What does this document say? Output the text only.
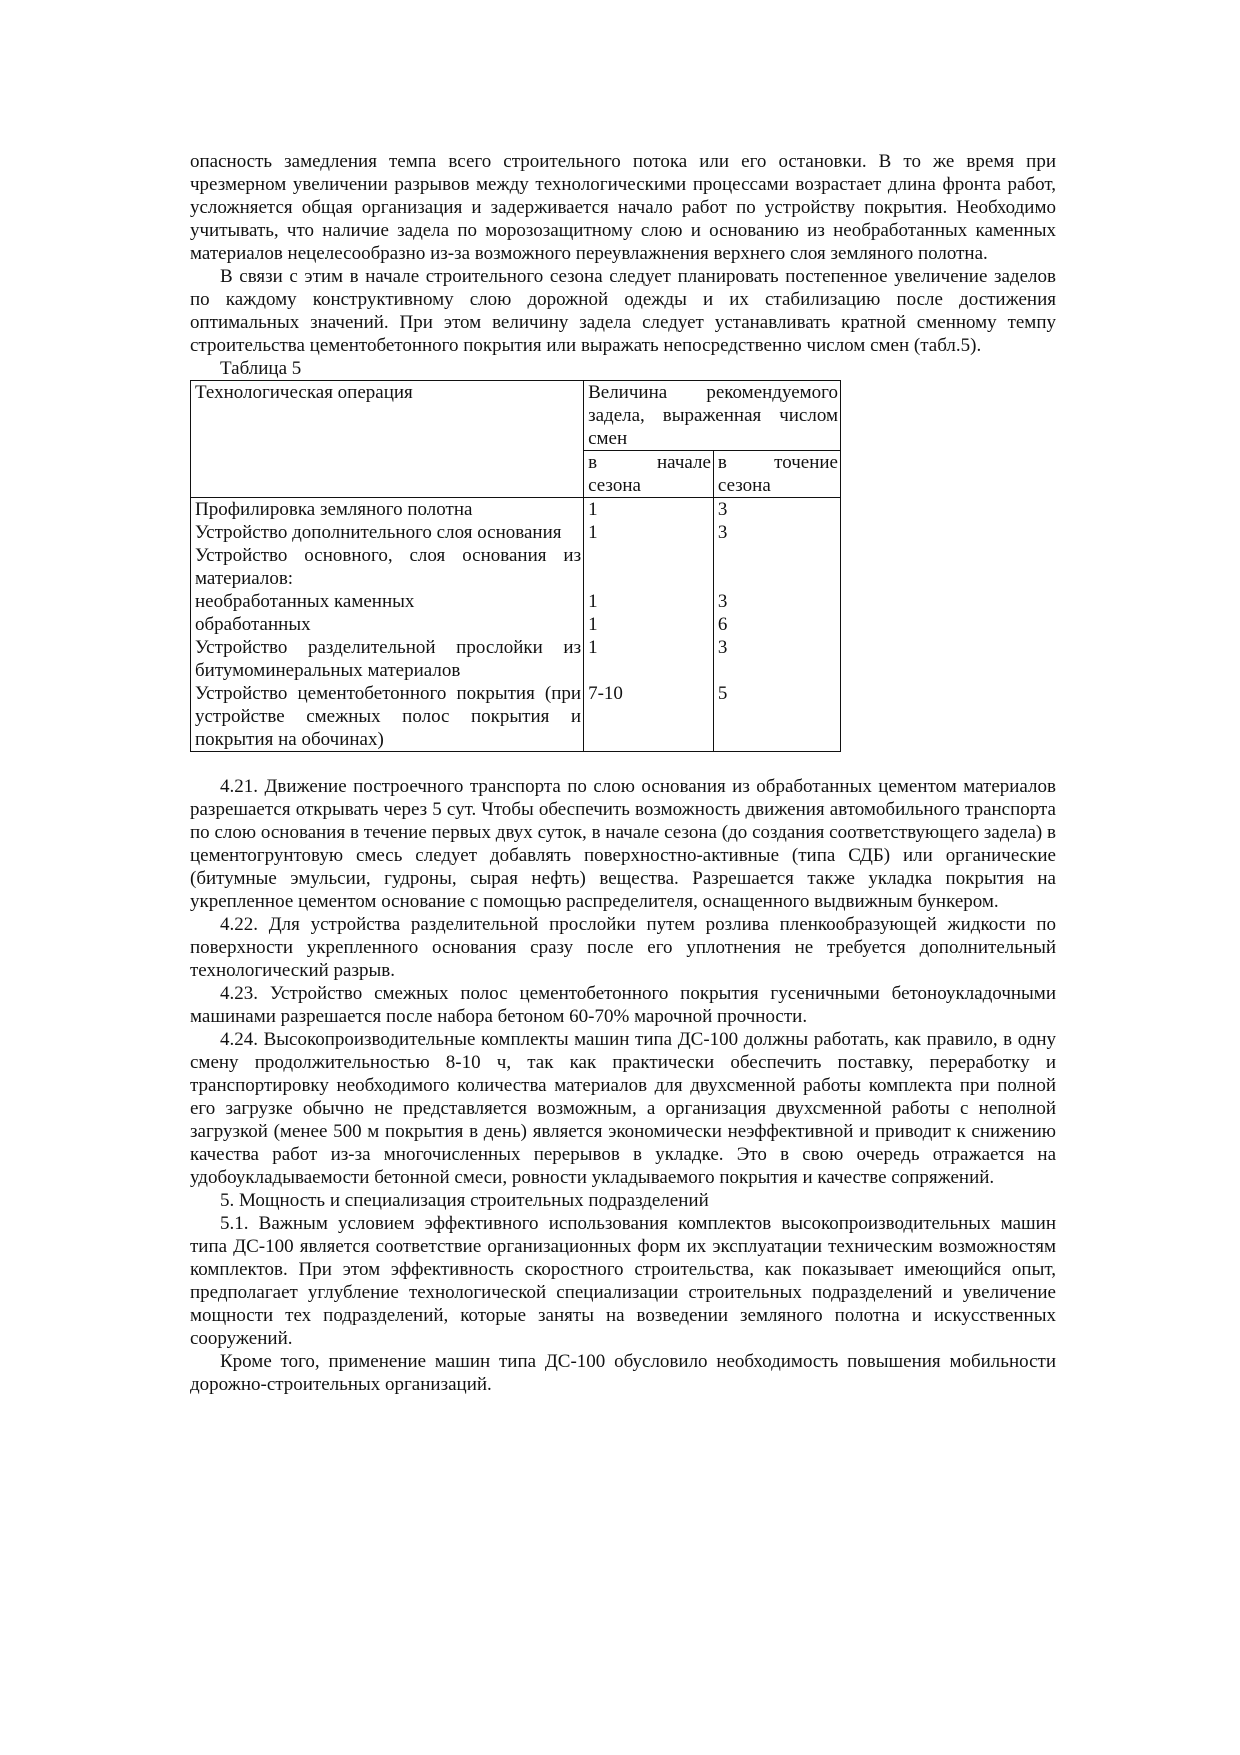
опасность замедления темпа всего строительного потока или его остановки. В то же время при чрезмерном увеличении разрывов между технологическими процессами возрастает длина фронта работ, усложняется общая организация и задерживается начало работ по устройству покрытия. Необходимо учитывать, что наличие задела по морозозащитному слою и основанию из необработанных каменных материалов нецелесообразно из-за возможного переувлажнения верхнего слоя земляного полотна.

В связи с этим в начале строительного сезона следует планировать постепенное увеличение заделов по каждому конструктивному слою дорожной одежды и их стабилизацию после достижения оптимальных значений. При этом величину задела следует устанавливать кратной сменному темпу строительства цементобетонного покрытия или выражать непосредственно числом смен (табл.5).

Таблица 5

Технологическая операция	Величина рекомендуемого задела, выраженная числом смен	
	в начале сезона	в точение сезона
Профилировка земляного полотна	1	3
Устройство дополнительного слоя основания	1	3
Устройство основного, слоя основания из материалов:		
необработанных каменных	1	3
обработанных	1	6
Устройство разделительной прослойки из битумоминеральных материалов	1	3
Устройство цементобетонного покрытия (при устройстве смежных полос покрытия и покрытия на обочинах)	7-10	5

4.21. Движение построечного транспорта по слою основания из обработанных цементом материалов разрешается открывать через 5 сут. Чтобы обеспечить возможность движения автомобильного транспорта по слою основания в течение первых двух суток, в начале сезона (до создания соответствующего задела) в цементогрунтовую смесь следует добавлять поверхностно-активные (типа СДБ) или органические (битумные эмульсии, гудроны, сырая нефть) вещества. Разрешается также укладка покрытия на укрепленное цементом основание с помощью распределителя, оснащенного выдвижным бункером.

4.22. Для устройства разделительной прослойки путем розлива пленкообразующей жидкости по поверхности укрепленного основания сразу после его уплотнения не требуется дополнительный технологический разрыв.

4.23. Устройство смежных полос цементобетонного покрытия гусеничными бетоноукладочными машинами разрешается после набора бетоном 60-70% марочной прочности.

4.24. Высокопроизводительные комплекты машин типа ДС-100 должны работать, как правило, в одну смену продолжительностью 8-10 ч, так как практически обеспечить поставку, переработку и транспортировку необходимого количества материалов для двухсменной работы комплекта при полной его загрузке обычно не представляется возможным, а организация двухсменной работы с неполной загрузкой (менее 500 м покрытия в день) является экономически неэффективной и приводит к снижению качества работ из-за многочисленных перерывов в укладке. Это в свою очередь отражается на удобоукладываемости бетонной смеси, ровности укладываемого покрытия и качестве сопряжений.

5. Мощность и специализация строительных подразделений

5.1. Важным условием эффективного использования комплектов высокопроизводительных машин типа ДС-100 является соответствие организационных форм их эксплуатации техническим возможностям комплектов. При этом эффективность скоростного строительства, как показывает имеющийся опыт, предполагает углубление технологической специализации строительных подразделений и увеличение мощности тех подразделений, которые заняты на возведении земляного полотна и искусственных сооружений.

Кроме того, применение машин типа ДС-100 обусловило необходимость повышения мобильности дорожно-строительных организаций.
